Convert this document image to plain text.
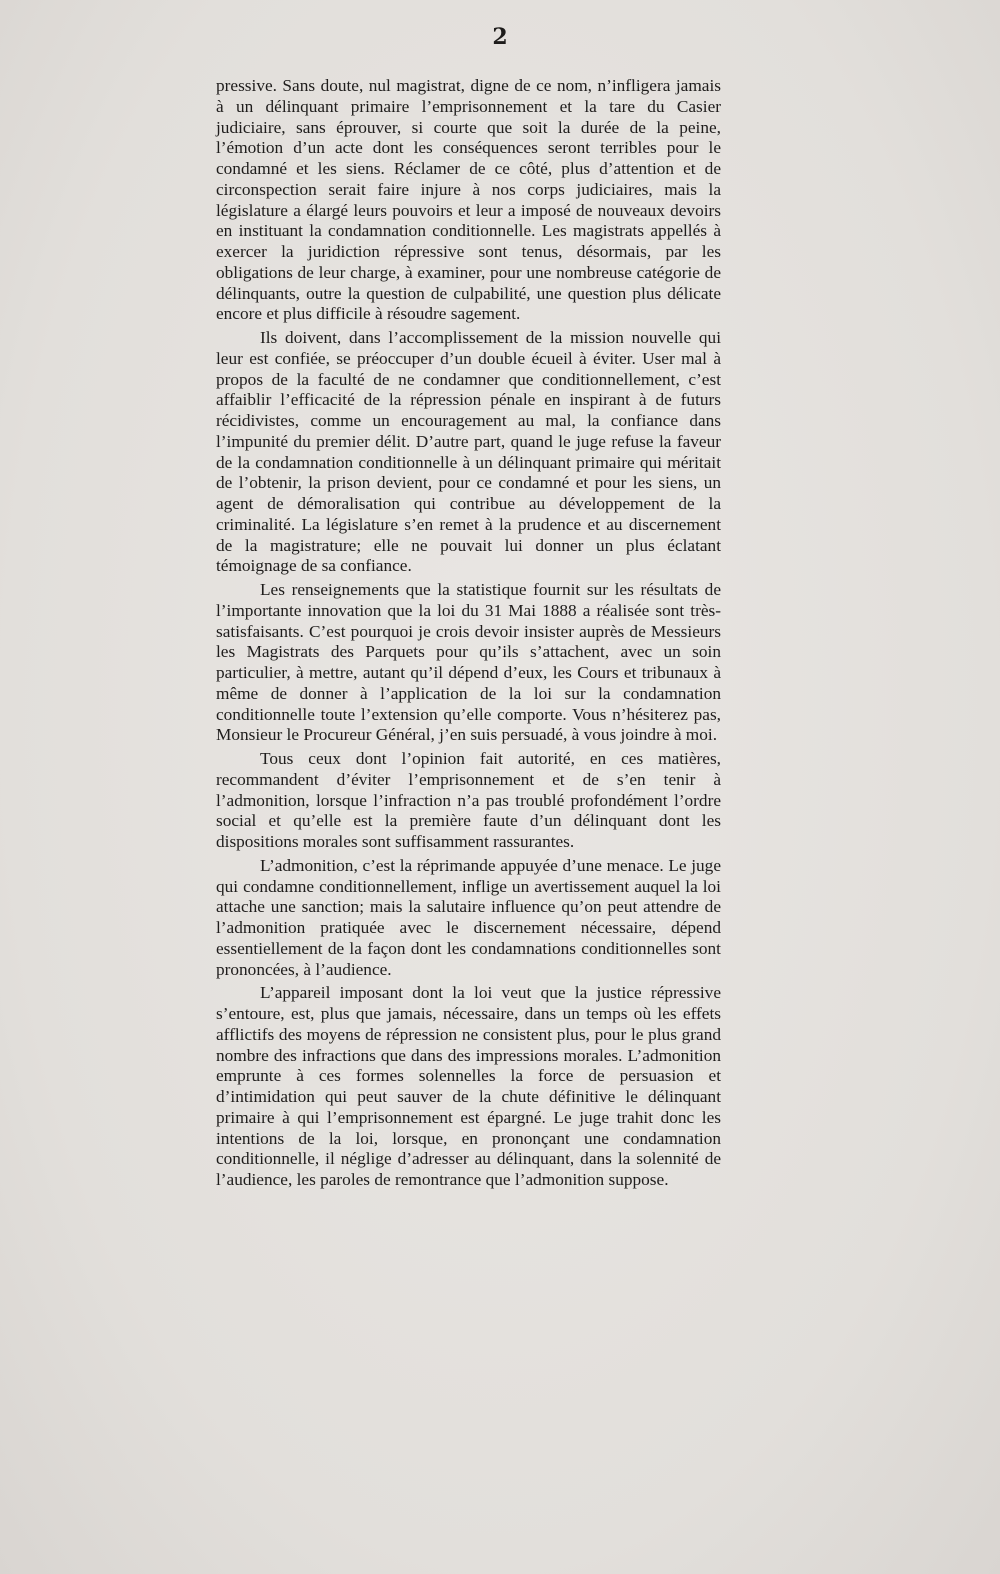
2

pressive. Sans doute, nul magistrat, digne de ce nom, n’infligera jamais à un délinquant primaire l’emprisonnement et la tare du Casier judiciaire, sans éprouver, si courte que soit la durée de la peine, l’émotion d’un acte dont les conséquences seront terribles pour le condamné et les siens. Réclamer de ce côté, plus d’attention et de circonspection serait faire injure à nos corps judiciaires, mais la législature a élargé leurs pouvoirs et leur a imposé de nouveaux devoirs en instituant la condamnation conditionnelle. Les magistrats appellés à exercer la juridiction répressive sont tenus, désormais, par les obligations de leur charge, à examiner, pour une nombreuse catégorie de délinquants, outre la question de culpabilité, une question plus délicate encore et plus difficile à résoudre sagement.

Ils doivent, dans l’accomplissement de la mission nouvelle qui leur est confiée, se préoccuper d’un double écueil à éviter. User mal à propos de la faculté de ne condamner que conditionnellement, c’est affaiblir l’efficacité de la répression pénale en inspirant à de futurs récidivistes, comme un encouragement au mal, la confiance dans l’impunité du premier délit. D’autre part, quand le juge refuse la faveur de la condamnation conditionnelle à un délinquant primaire qui méritait de l’obtenir, la prison devient, pour ce condamné et pour les siens, un agent de démoralisation qui contribue au développement de la criminalité. La législature s’en remet à la prudence et au discernement de la magistrature; elle ne pouvait lui donner un plus éclatant témoignage de sa confiance.

Les renseignements que la statistique fournit sur les résultats de l’importante innovation que la loi du 31 Mai 1888 a réalisée sont très-satisfaisants. C’est pourquoi je crois devoir insister auprès de Messieurs les Magistrats des Parquets pour qu’ils s’attachent, avec un soin particulier, à mettre, autant qu’il dépend d’eux, les Cours et tribunaux à même de donner à l’application de la loi sur la condamnation conditionnelle toute l’extension qu’elle comporte. Vous n’hésiterez pas, Monsieur le Procureur Général, j’en suis persuadé, à vous joindre à moi.

Tous ceux dont l’opinion fait autorité, en ces matières, recommandent d’éviter l’emprisonnement et de s’en tenir à l’admonition, lorsque l’infraction n’a pas troublé profondément l’ordre social et qu’elle est la première faute d’un délinquant dont les dispositions morales sont suffisamment rassurantes.

L’admonition, c’est la réprimande appuyée d’une menace. Le juge qui condamne conditionnellement, inflige un avertissement auquel la loi attache une sanction; mais la salutaire influence qu’on peut attendre de l’admonition pratiquée avec le discernement nécessaire, dépend essentiellement de la façon dont les condamnations conditionnelles sont prononcées, à l’audience.

L’appareil imposant dont la loi veut que la justice répressive s’entoure, est, plus que jamais, nécessaire, dans un temps où les effets afflictifs des moyens de répression ne consistent plus, pour le plus grand nombre des infractions que dans des impressions morales. L’admonition emprunte à ces formes solennelles la force de persuasion et d’intimidation qui peut sauver de la chute définitive le délinquant primaire à qui l’emprisonnement est épargné. Le juge trahit donc les intentions de la loi, lorsque, en prononçant une condamnation conditionnelle, il néglige d’adresser au délinquant, dans la solennité de l’audience, les paroles de remontrance que l’admonition suppose.
